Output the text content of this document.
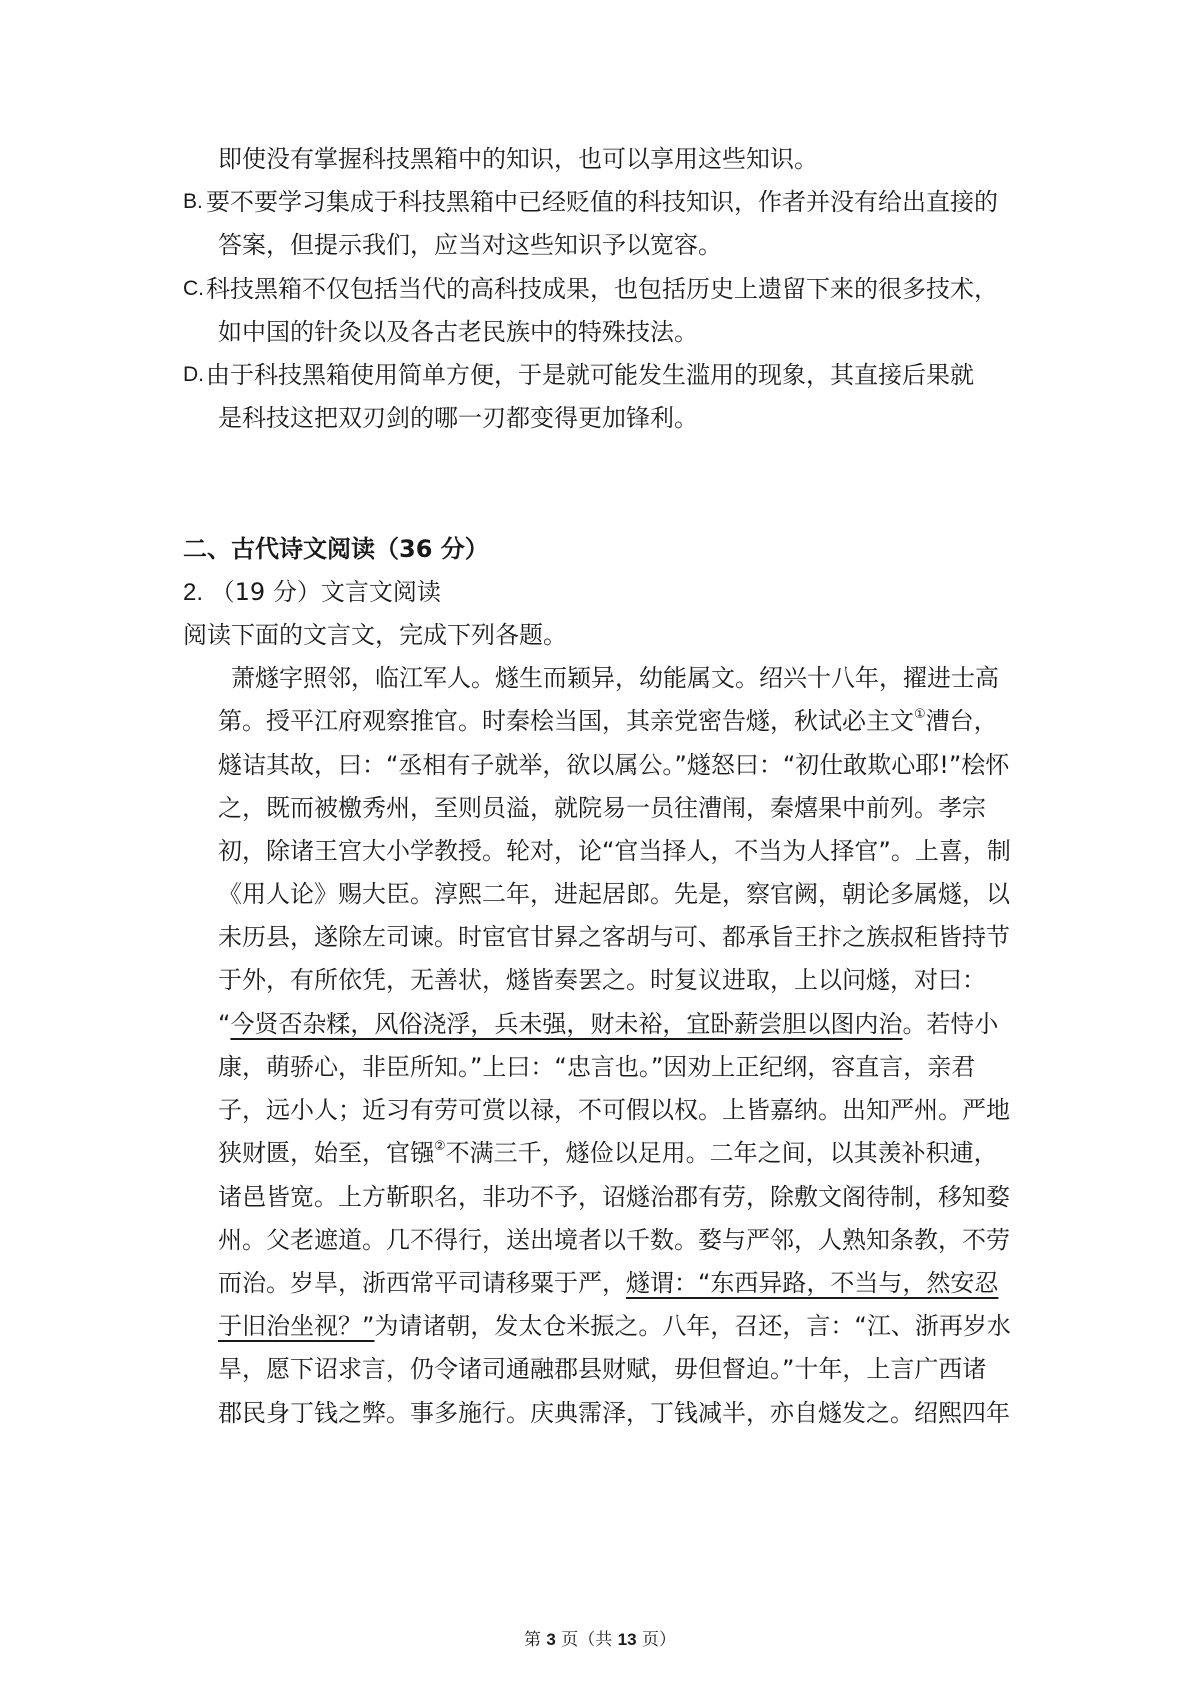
即使没有掌握科技黑箱中的知识，也可以享用这些知识。
B. 要不要学习集成于科技黑箱中已经贬值的科技知识，作者并没有给出直接的
答案，但提示我们，应当对这些知识予以宽容。
C. 科技黑箱不仅包括当代的高科技成果，也包括历史上遗留下来的很多技术，
如中国的针灸以及各古老民族中的特殊技法。
D. 由于科技黑箱使用简单方便，于是就可能发生滥用的现象，其直接后果就
是科技这把双刃剑的哪一刃都变得更加锋利。
二、古代诗文阅读（36 分）
2. （19 分）文言文阅读
阅读下面的文言文，完成下列各题。
萧燧字照邻，临江军人。燧生而颖异，幼能属文。绍兴十八年，擢进士高
第。授平江府观察推官。时秦桧当国，其亲党密告燧，秋试必主文①漕台，
燧诘其故，曰：“丞相有子就举，欲以属公。”燧怒曰：“初仕敢欺心耶!”桧怀
之，既而被檄秀州，至则员溢，就院易一员往漕闱，秦熺果中前列。孝宗
初，除诸王宫大小学教授。轮对，论“官当择人，不当为人择官”。上喜，制
《用人论》赐大臣。淳熙二年，进起居郎。先是，察官阙，朝论多属燧，以
未历县，遂除左司谏。时宦官甘昪之客胡与可、都承旨王抃之族叔秬皆持节
于外，有所依凭，无善状，燧皆奏罢之。时复议进取，上以问燧，对曰：
“今贤否杂糅，风俗浇浮，兵未强，财未裕，宜卧薪尝胆以图内治。若恃小
康，萌骄心，非臣所知。”上曰：“忠言也。”因劝上正纪纲，容直言，亲君
子，远小人；近习有劳可赏以禄，不可假以权。上皆嘉纳。出知严州。严地
狭财匮，始至，官镪②不满三千，燧俭以足用。二年之间，以其羡补积逋，
诸邑皆宽。上方靳职名，非功不予，诏燧治郡有劳，除敷文阁待制，移知婺
州。父老遮道。几不得行，送出境者以千数。婺与严邻，人熟知条教，不劳
而治。岁旱，浙西常平司请移粟于严，燧谓：“东西异路，不当与，然安忍
于旧治坐视？”为请诸朝，发太仓米振之。八年，召还，言：“江、浙再岁水
旱，愿下诏求言，仍令诸司通融郡县财赋，毋但督迫。”十年，上言广西诸
郡民身丁钱之弊。事多施行。庆典霈泽，丁钱减半，亦自燧发之。绍熙四年
第 3 页（共 13 页）
